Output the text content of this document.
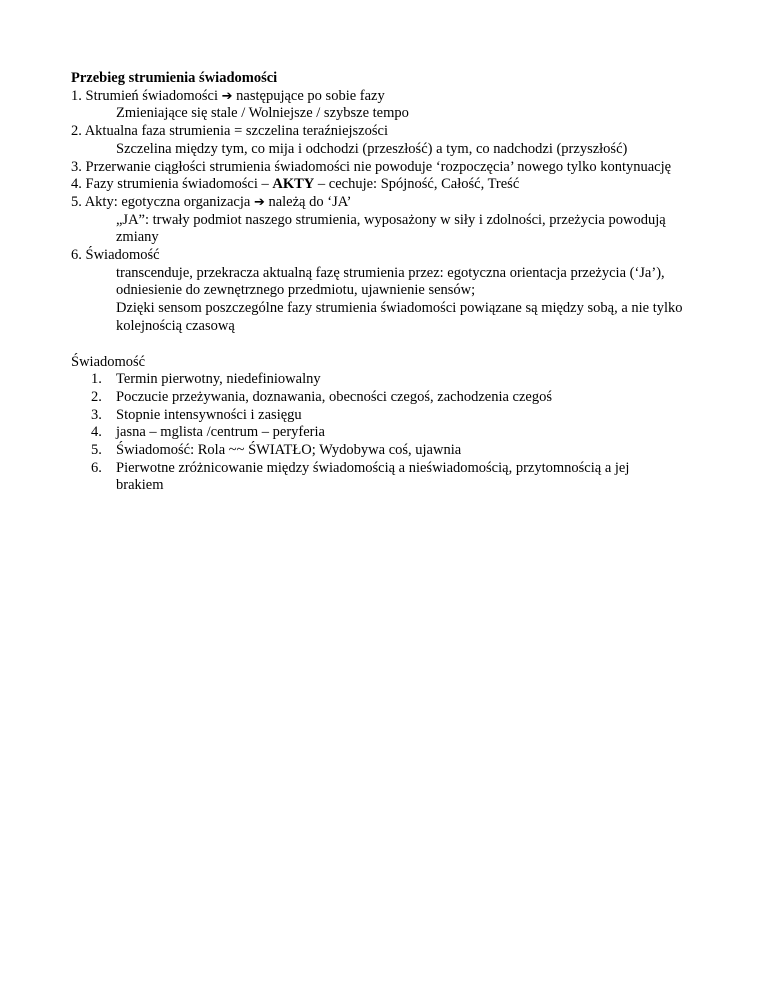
Przebieg strumienia świadomości
1. Strumień świadomości ➔ następujące po sobie fazy
Zmieniające się stale / Wolniejsze / szybsze tempo
2. Aktualna faza strumienia = szczelina teraźniejszości
Szczelina między tym, co mija i odchodzi (przeszłość) a tym, co nadchodzi (przyszłość)
3. Przerwanie ciągłości strumienia świadomości nie powoduje ‘rozpoczęcia’ nowego tylko kontynuację
4. Fazy strumienia świadomości – AKTY – cechuje: Spójność, Całość, Treść
5. Akty: egotyczna organizacja ➔ należą do ‘JA’
„JA”: trwały podmiot naszego strumienia, wyposażony w siły i zdolności, przeżycia powodują zmiany
6. Świadomość
transcenduje, przekracza aktualną fazę strumienia przez: egotyczna orientacja przeżycia (‘Ja’), odniesienie do zewnętrznego przedmiotu, ujawnienie sensów;
Dzięki sensom poszczególne fazy strumienia świadomości powiązane są między sobą, a nie tylko kolejnością czasową
Świadomość
1. Termin pierwotny, niedefiniowalny
2. Poczucie przeżywania, doznawania, obecności czegoś, zachodzenia czegoś
3. Stopnie intensywności i zasięgu
4. jasna – mglista /centrum – peryferia
5. Świadomość: Rola ~~ ŚWIATŁO; Wydobywa coś, ujawnia
6. Pierwotne zróżnicowanie między świadomością a nieświadomością, przytomnością a jej brakiem
